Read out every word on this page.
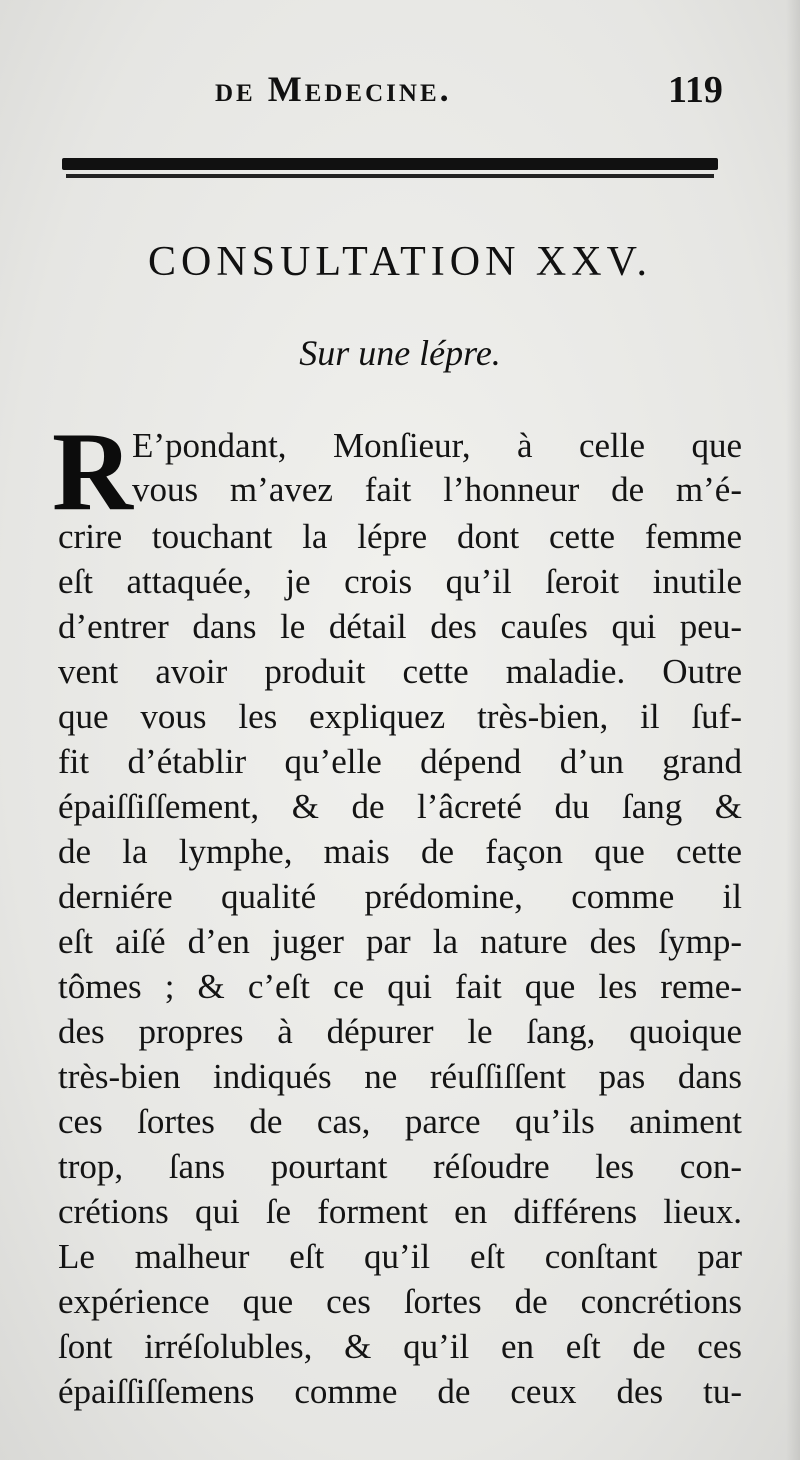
de Medecine.	119
CONSULTATION XXV.
Sur une lépre.
R E’pondant, Monſieur, à celle que
vous m’avez fait l’honneur de m’é-
crire touchant la lépre dont cette femme
eſt attaquée, je crois qu’il ſeroit inutile
d’entrer dans le détail des cauſes qui peu-
vent avoir produit cette maladie. Outre
que vous les expliquez très-bien, il ſuf-
fit d’établir qu’elle dépend d’un grand
épaiſſiſſement, & de l’âcreté du ſang &
de la lymphe, mais de façon que cette
derniére qualité prédomine, comme il
eſt aiſé d’en juger par la nature des ſymp-
tômes ; & c’eſt ce qui fait que les reme-
des propres à dépurer le ſang, quoique
très-bien indiqués ne réuſſiſſent pas dans
ces ſortes de cas, parce qu’ils animent
trop, ſans pourtant réſoudre les con-
crétions qui ſe forment en différens lieux.
Le malheur eſt qu’il eſt conſtant par
expérience que ces ſortes de concrétions
ſont irréſolubles, & qu’il en eſt de ces
épaiſſiſſemens comme de ceux des tu-
